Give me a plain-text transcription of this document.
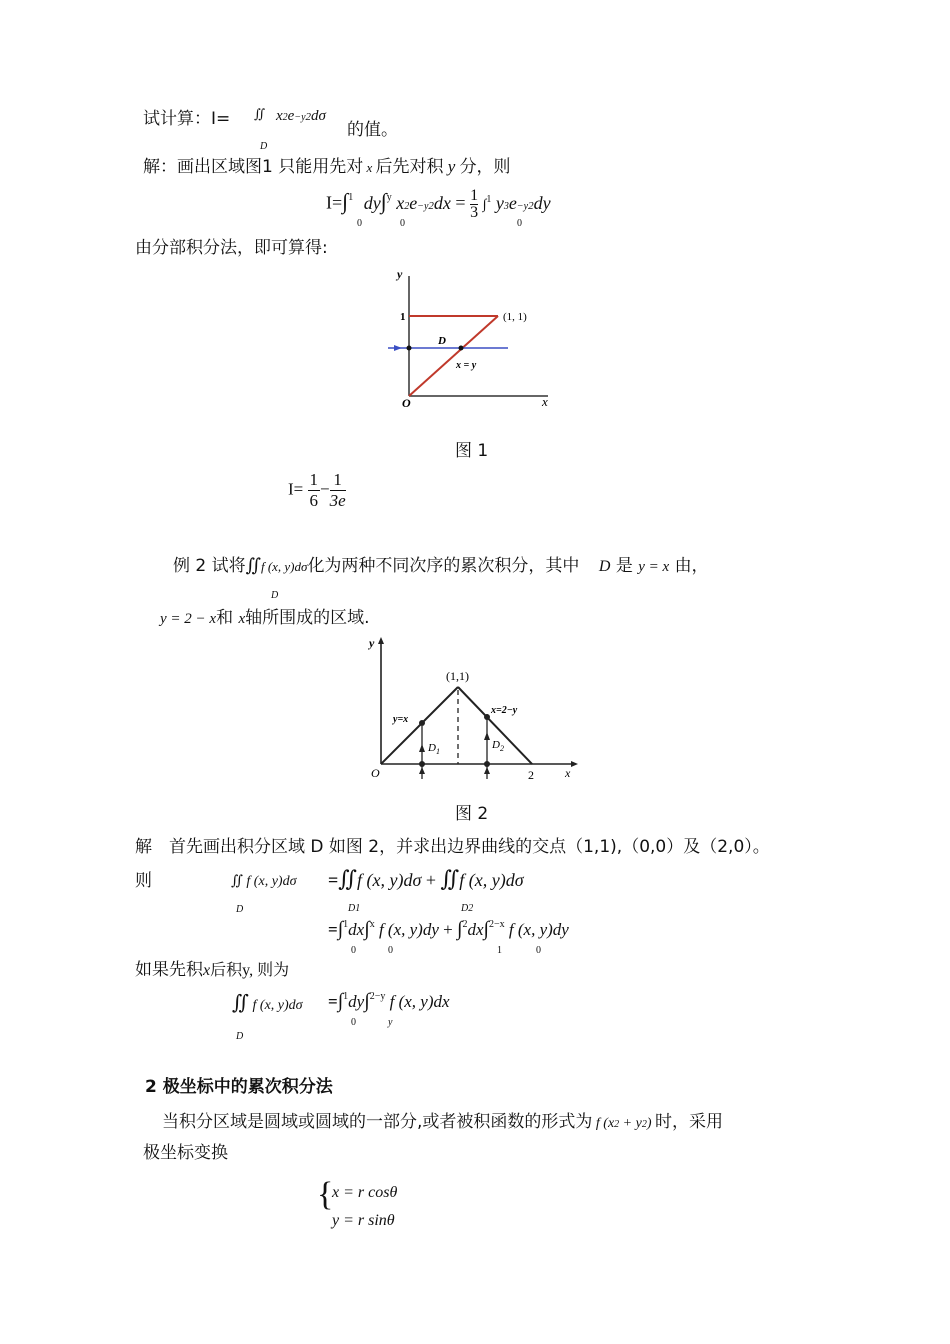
试计算：I= ∬ x2e−y2dσ
D
的值。
解：画出区域图1 只能用先对 x 后先对积 y 分，则
I=∫$^1$ dy∫$^y$ $x2e-y2dx = \frac{1}{3} \int^1$ y3e−y2dy
0	0	0
由分部积分法，即可算得:
y
x
O
1	(1, 1)
D
x = y
图 1
$I= \frac{1}{6} - \frac{1}{3e}$
例 2 试将∬f (x, y)dσ化为两种不同次序的累次积分，其中 D 是 y = x 由，
D
y = 2 − x和 x轴所围成的区域.
y
x
O
(1,1)
2
y=x
x=2−y
$D_1$
$D_2$
图 2
解　首先画出积分区域 D 如图 2，并求出边界曲线的交点（1,1),（0,0）及（2,0）。
则	∬ f (x, y)dσ
D
=∬f (x, y)dσ + ∬f (x, y)dσ
D1	D2
=∫$^1$dx∫$^x$ f (x, y)dy + ∫$^2$dx∫$^{2-x}$ f (x, y)dy
0	0	1	0
如果先积x后积y, 则为
∬ f (x, y)dσ
D
=∫$^1$dy∫$^{2-y}$ f (x, y)dx
0	y
2 极坐标中的累次积分法
当积分区域是圆域或圆域的一部分,或者被积函数的形式为 f (x2 + y2) 时，采用
极坐标变换
{
x = r cosθ
y = r sinθ
